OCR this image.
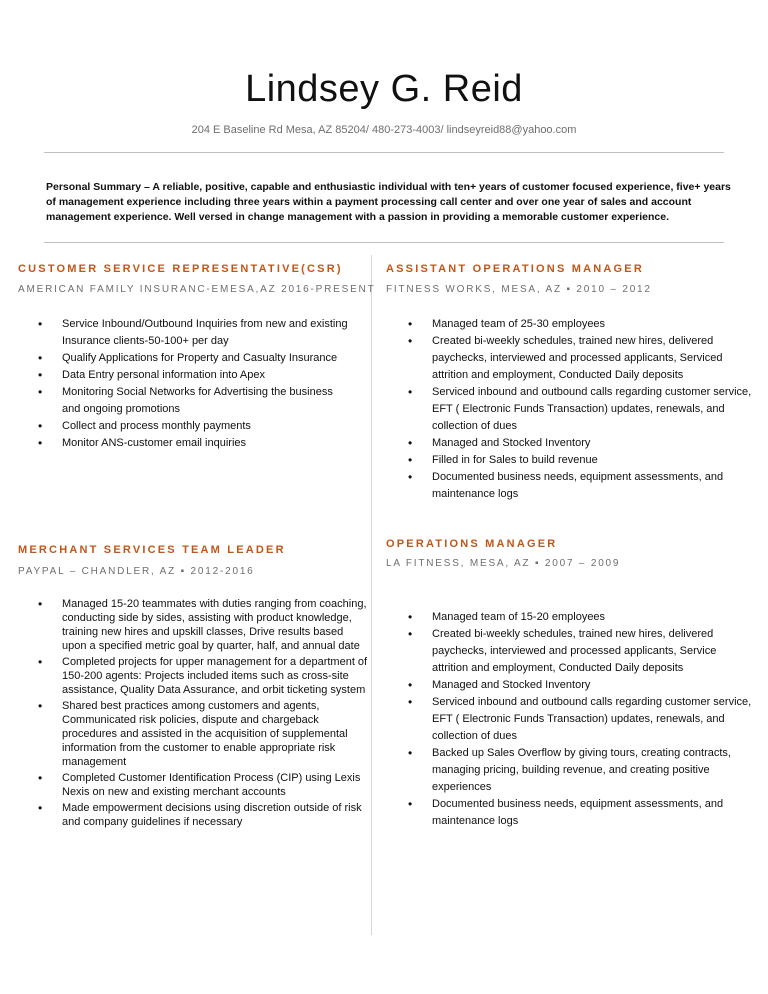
Lindsey G. Reid
204 E Baseline Rd Mesa, AZ 85204/ 480-273-4003/ lindseyreid88@yahoo.com
Personal Summary – A reliable, positive, capable and enthusiastic individual with ten+ years of customer focused experience, five+ years of management experience including three years within a payment processing call center and over one year of sales and account management experience. Well versed in change management with a passion in providing a memorable customer experience.
CUSTOMER SERVICE REPRESENTATIVE(CSR)
AMERICAN FAMILY INSURANC-EMESA,AZ 2016-PRESENT
• Service Inbound/Outbound Inquiries from new and existing Insurance clients-50-100+ per day
• Qualify Applications for Property and Casualty Insurance
• Data Entry personal information into Apex
• Monitoring Social Networks for Advertising the business and ongoing promotions
• Collect and process monthly payments
• Monitor ANS-customer email inquiries
ASSISTANT OPERATIONS MANAGER
FITNESS WORKS, MESA, AZ ▪ 2010 – 2012
• Managed team of 25-30 employees
• Created bi-weekly schedules, trained new hires, delivered paychecks, interviewed and processed applicants, Serviced attrition and employment, Conducted Daily deposits
• Serviced inbound and outbound calls regarding customer service, EFT ( Electronic Funds Transaction) updates, renewals, and collection of dues
• Managed and Stocked Inventory
• Filled in for Sales to build revenue
• Documented business needs, equipment assessments, and maintenance logs
MERCHANT SERVICES TEAM LEADER
PAYPAL – CHANDLER, AZ ▪ 2012-2016
• Managed 15-20 teammates with duties ranging from coaching, conducting side by sides, assisting with product knowledge, training new hires and upskill classes, Drive results based upon a specified metric goal by quarter, half, and annual date
• Completed projects for upper management for a department of 150-200 agents: Projects included items such as cross-site assistance, Quality Data Assurance, and orbit ticketing system
• Shared best practices among customers and agents, Communicated risk policies, dispute and chargeback procedures and assisted in the acquisition of supplemental information from the customer to enable appropriate risk management
• Completed Customer Identification Process (CIP) using Lexis Nexis on new and existing merchant accounts
• Made empowerment decisions using discretion outside of risk and company guidelines if necessary
OPERATIONS MANAGER
LA FITNESS, MESA, AZ ▪ 2007 – 2009
• Managed team of 15-20 employees
• Created bi-weekly schedules, trained new hires, delivered paychecks, interviewed and processed applicants, Service attrition and employment, Conducted Daily deposits
• Managed and Stocked Inventory
• Serviced inbound and outbound calls regarding customer service, EFT ( Electronic Funds Transaction) updates, renewals, and collection of dues
• Backed up Sales Overflow by giving tours, creating contracts, managing pricing, building revenue, and creating positive experiences
• Documented business needs, equipment assessments, and maintenance logs
